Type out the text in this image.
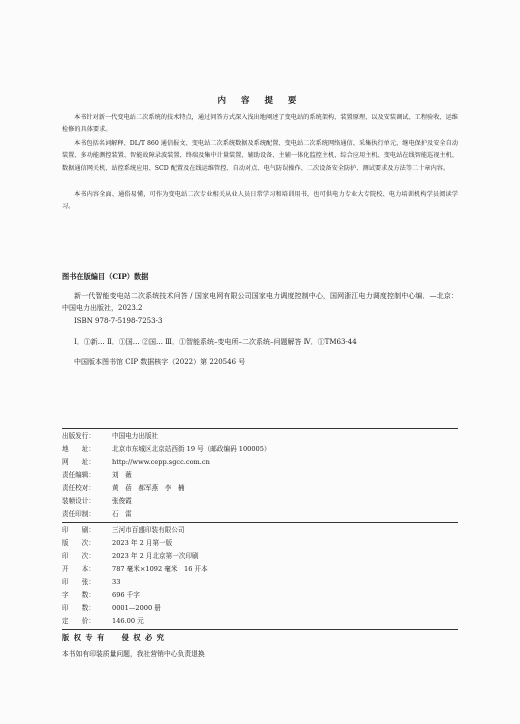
内 容 提 要
本书针对新一代变电站二次系统的技术特点，通过问答方式深入浅出地阐述了变电站的系统架构、装置原理，以及安装调试、工程验收、运维检修的具体要求。
本书包括名词解释、DL/T 860 通信报文、变电站二次系统数据及系统配置、变电站二次系统网络通信、采集执行单元、继电保护及安全自动装置、多功能测控装置、智能故障录波装置、终端及集中计量装置、辅助设备、主辅一体化监控主机、综合应用主机、变电站在线智能巡视主机、数据通信网关机、站控系统应用、SCD 配置及在线运维管控、自动对点、电气防误操作、二次设备安全防护、测试要求及方法等二十章内容。
本书内容全面、通俗易懂，可作为变电站二次专业相关从业人员日常学习和培训用书，也可供电力专业大专院校、电力培训机构学员阅读学习。
图书在版编目（CIP）数据
新一代智能变电站二次系统技术问答 / 国家电网有限公司国家电力调度控制中心，国网浙江电力调度控制中心编．—北京：中国电力出版社，2023.2
ISBN 978-7-5198-7253-3
Ⅰ．①新… Ⅱ．①国… ②国… Ⅲ．①智能系统–变电所–二次系统–问题解答 Ⅳ．①TM63-44
中国版本图书馆 CIP 数据核字（2022）第 220546 号
出版发行：	中国电力出版社
地　　址：	北京市东城区北京站西街 19 号（邮政编码 100005）
网　　址：	http://www.cepp.sgcc.com.cn
责任编辑：	刘　薇
责任校对：	黄　蓓　郝军燕　李　楠
装帧设计：	张俊霞
责任印制：	石　雷
印　　刷：	三河市百盛印装有限公司
版　　次：	2023 年 2 月第一版
印　　次：	2023 年 2 月北京第一次印刷
开　　本：	787 毫米×1092 毫米　16 开本
印　　张：	33
字　　数：	696 千字
印　　数：	0001—2000 册
定　　价：	146.00 元
版 权 专 有　　侵 权 必 究
本书如有印装质量问题，我社营销中心负责退换
